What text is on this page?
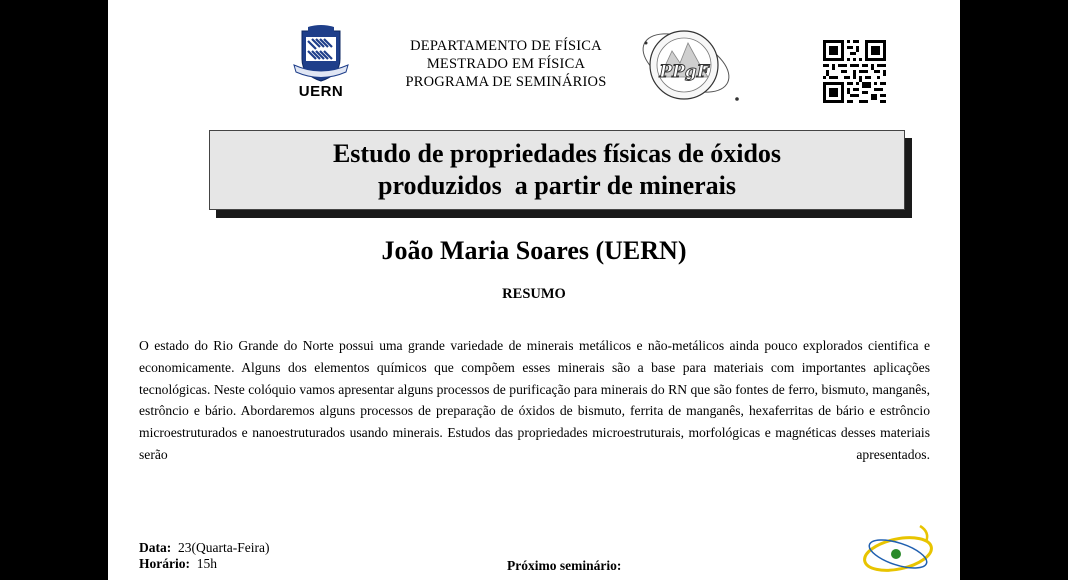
UERN
DEPARTAMENTO DE FÍSICA
MESTRADO EM FÍSICA
PROGRAMA DE SEMINÁRIOS	PPgF
Estudo de propriedades físicas de óxidos
produzidos  a partir de minerais
João Maria Soares (UERN)
RESUMO

O estado do Rio Grande do Norte possui uma grande variedade de minerais metálicos e não-metálicos ainda pouco explorados cientifica e economicamente. Alguns dos elementos químicos que compõem esses minerais são a base para materiais com importantes aplicações tecnológicas. Neste colóquio vamos apresentar alguns processos de purificação para minerais do RN que são fontes de ferro, bismuto, manganês, estrôncio e bário. Abordaremos alguns processos de preparação de óxidos de bismuto, ferrita de manganês, hexaferritas de bário e estrôncio microestruturados e nanoestruturados usando minerais. Estudos das propriedades microestruturais, morfológicas e magnéticas desses materiais serão apresentados.

Data: 23(Quarta-Feira)
Horário: 15h	Próximo seminário:
